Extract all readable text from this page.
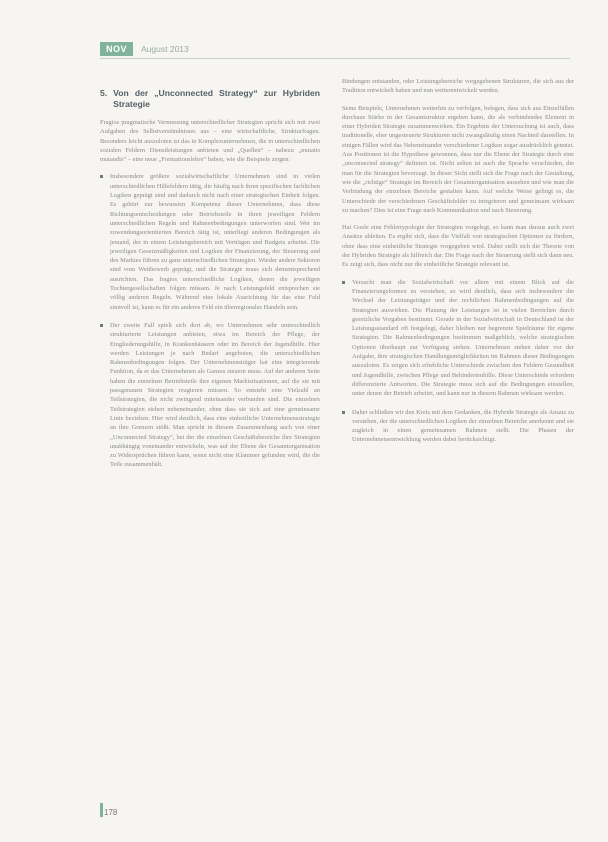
NOV	August 2013
5. Von der „Unconnected Strategy“ zur Hybriden Strategie

Fragios pragmatische Vermessung unterschiedlicher Strategien spricht sich mit zwei Aufgaben des Selbstverständnisses aus – eine wirtschaftliche, Strukturfragen. Besonders leicht auszuloten ist das in Komplexunternehmen, die in unterschiedlichen sozialen Feldern Dienstleistungen anbieten und „Quellen“ – nahezu „mutatis mutandis“ – eine neue „Formationslehre“ haben, wie die Beispiele zeigen:

Insbesondere größere sozialwirtschaftliche Unternehmen sind in vielen unterschiedlichen Hilfefeldern tätig, die häufig nach ihren spezifischen fachlichen Logiken geprägt sind und dadurch nicht nach einer strategischen Einheit folgen. Es gehört zur bewussten Kompetenz dieser Unternehmen, dass diese Richtungsentscheidungen oder Betriebsteile in ihren jeweiligen Feldern unterschiedlichen Regeln und Rahmenbedingungen unterworfen sind. Wer im zuwendungsorientierten Bereich tätig ist, unterliegt anderen Bedingungen als jemand, der in einem Leistungsbereich mit Verträgen und Budgets arbeitet. Die jeweiligen Gesetzmäßigkeiten und Logiken der Finanzierung, der Steuerung und des Marktes führen zu ganz unterschiedlichen Strategien. Wieder andere Sektoren sind vom Wettbewerb geprägt, und die Strategie muss sich dementsprechend ausrichten. Das fragios unterschiedliche Logiken, denen die jeweiligen Tochtergesellschaften folgen müssen. Je nach Leistungsfeld entsprechen sie völlig anderen Regeln. Während eine lokale Ausrichtung für das eine Feld sinnvoll ist, kann es für ein anderes Feld ein überregionales Handeln sein.
Der zweite Fall spielt sich dort ab, wo Unternehmen sehr unterschiedlich strukturierte Leistungen anbieten, etwa im Bereich der Pflege, der Eingliederungshilfe, in Krankenhäusern oder im Bereich der Jugendhilfe. Hier werden Leistungen je nach Bedarf angeboten, die unterschiedlichen Rahmenbedingungen folgen. Der Unternehmensträger hat eine integrierende Funktion, da er das Unternehmen als Ganzes steuern muss. Auf der anderen Seite haben die einzelnen Betriebsteile ihre eigenen Marktsituationen, auf die sie mit passgenauen Strategien reagieren müssen. So entsteht eine Vielzahl an Teilstrategien, die nicht zwingend miteinander verbunden sind. Die einzelnen Teilstrategien stehen nebeneinander, ohne dass sie sich auf eine gemeinsame Linie beziehen. Hier wird deutlich, dass eine einheitliche Unternehmensstrategie an ihre Grenzen stößt. Man spricht in diesem Zusammenhang auch von einer „Unconnected Strategy“, bei der die einzelnen Geschäftsbereiche ihre Strategien unabhängig voneinander entwickeln, was auf der Ebene der Gesamtorganisation zu Widersprüchen führen kann, wenn nicht eine Klammer gefunden wird, die die Teile zusammenhält.

Bindungen entstanden, oder Leistungsbereiche vorgegebenen Strukturen, die sich aus der Tradition entwickelt haben und nun weiterentwickelt werden.

Seine Beispiele, Unternehmen weiterhin zu verfolgen, belegen, dass sich aus Einzelfällen durchaus Stärke in der Gesamtstruktur ergeben kann, die als verbindendes Element in einer Hybriden Strategie zusammenwirken. Ein Ergebnis der Untersuchung ist auch, dass traditionelle, eher ungesteuerte Strukturen nicht zwangsläufig einen Nachteil darstellen. In einigen Fällen wird das Nebeneinander verschiedener Logiken sogar ausdrücklich genutzt. Aus Positionen ist die Hypothese gewonnen, dass nur die Ebene der Strategie durch eine „unconnected strategy“ definiert ist. Nicht selten ist auch die Sprache verschieden, die man für die Strategien bevorzugt. In dieser Sicht stellt sich die Frage nach der Gestaltung, wie die „richtige“ Strategie im Bereich der Gesamtorganisation aussehen und wie man die Verbindung der einzelnen Bereiche gestalten kann. Auf welche Weise gelingt es, die Unterschiede der verschiedenen Geschäftsfelder zu integrieren und gemeinsam wirksam zu machen? Dies ist eine Frage nach Kommunikation und nach Steuerung.

Hat Goele eine Fehlertypologie der Strategien vorgelegt, so kann man daraus auch zwei Ansätze ableiten. Es ergibt sich, dass die Vielfalt von strategischen Optionen zu fördern, ohne dass eine einheitliche Strategie vorgegeben wird. Dabei stellt sich die Theorie von der Hybriden Strategie als hilfreich dar. Die Frage nach der Steuerung stellt sich dann neu. Es zeigt sich, dass nicht nur die einheitliche Strategie relevant ist.

Versucht man die Sozialwirtschaft vor allem mit einem Blick auf die Finanzierungsformen zu verstehen, so wird deutlich, dass sich insbesondere die Wechsel der Leistungsträger und der rechtlichen Rahmenbedingungen auf die Strategien auswirken. Die Planung der Leistungen ist in vielen Bereichen durch gesetzliche Vorgaben bestimmt. Gerade in der Sozialwirtschaft in Deutschland ist der Leistungsstandard oft festgelegt, daher bleiben nur begrenzte Spielräume für eigene Strategien. Die Rahmenbedingungen bestimmen maßgeblich, welche strategischen Optionen überhaupt zur Verfügung stehen. Unternehmen stehen daher vor der Aufgabe, ihre strategischen Handlungsmöglichkeiten im Rahmen dieser Bedingungen auszuloten. Es zeigen sich erhebliche Unterschiede zwischen den Feldern Gesundheit und Jugendhilfe, zwischen Pflege und Behindertenhilfe. Diese Unterschiede erfordern differenzierte Antworten. Die Strategie muss sich auf die Bedingungen einstellen, unter denen der Betrieb arbeitet, und kann nur in diesem Rahmen wirksam werden.
Daher schließen wir den Kreis mit dem Gedanken, die Hybride Strategie als Ansatz zu verstehen, der die unterschiedlichen Logiken der einzelnen Bereiche anerkennt und sie zugleich in einen gemeinsamen Rahmen stellt. Die Phasen der Unternehmensentwicklung werden dabei berücksichtigt.
178
